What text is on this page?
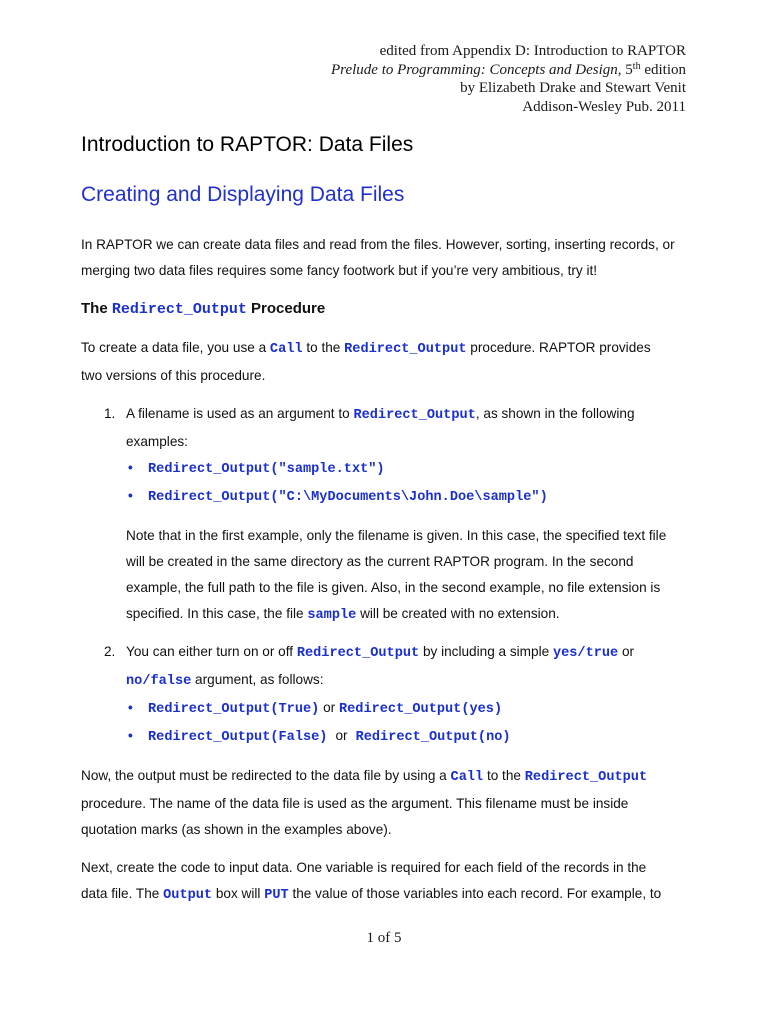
edited from Appendix D: Introduction to RAPTOR
Prelude to Programming: Concepts and Design, 5th edition
by Elizabeth Drake and Stewart Venit
Addison-Wesley Pub. 2011
Introduction to RAPTOR: Data Files
Creating and Displaying Data Files

In RAPTOR we can create data files and read from the files. However, sorting, inserting records, or
merging two data files requires some fancy footwork but if you’re very ambitious, try it!

The Redirect_Output Procedure

To create a data file, you use a Call to the Redirect_Output procedure. RAPTOR provides
two versions of this procedure.

1. A filename is used as an argument to Redirect_Output, as shown in the following
examples:

• Redirect_Output("sample.txt")
• Redirect_Output("C:\MyDocuments\John.Doe\sample")

Note that in the first example, only the filename is given. In this case, the specified text file
will be created in the same directory as the current RAPTOR program. In the second
example, the full path to the file is given. Also, in the second example, no file extension is
specified. In this case, the file sample will be created with no extension.

2. You can either turn on or off Redirect_Output by including a simple yes/true or
no/false argument, as follows:

• Redirect_Output(True) or Redirect_Output(yes)
• Redirect_Output(False) or Redirect_Output(no)

Now, the output must be redirected to the data file by using a Call to the Redirect_Output
procedure. The name of the data file is used as the argument. This filename must be inside
quotation marks (as shown in the examples above).

Next, create the code to input data. One variable is required for each field of the records in the
data file. The Output box will PUT the value of those variables into each record. For example, to

1 of 5
